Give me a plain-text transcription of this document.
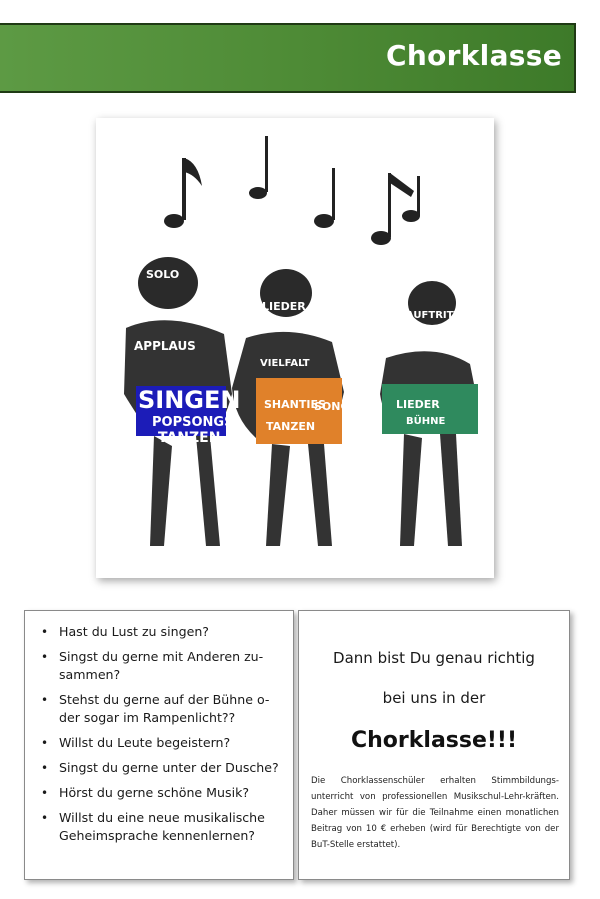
Chorklasse
SOLO
APPLAUS
SINGEN
POPSONGS
TANZEN
LIEDER
VIELFALT
SHANTIES
TANZEN
SONGS
AUFTRITTE
ROCKSTAR
LIEDER
BÜHNE
• Hast du Lust zu singen?
• Singst du gerne mit Anderen zu-
sammen?
• Stehst du gerne auf der Bühne o-
der sogar im Rampenlicht??
• Willst du Leute begeistern?
• Singst du gerne unter der Dusche?
• Hörst du gerne schöne Musik?
• Willst du eine neue musikalische
Geheimsprache kennenlernen?
Dann bist Du genau richtig
bei uns in der
Chorklasse!!!
Die Chorklassenschüler erhalten Stimmbildungs-unterricht von professionellen Musikschul-Lehr-kräften. Daher müssen wir für die Teilnahme einen monatlichen Beitrag von 10 € erheben (wird für Berechtigte von der BuT-Stelle erstattet).
